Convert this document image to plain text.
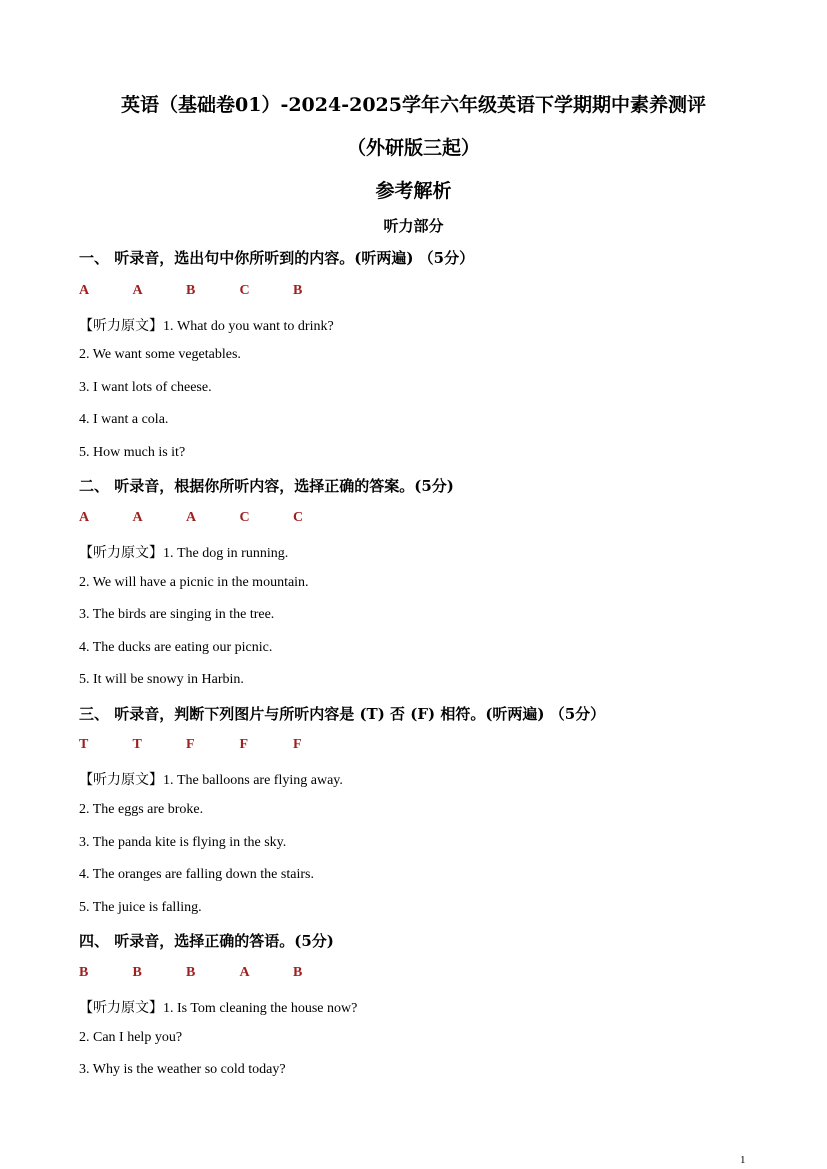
英语（基础卷01）-2024-2025学年六年级英语下学期期中素养测评
（外研版三起）
参考解析
听力部分
一、 听录音，选出句中你所听到的内容。(听两遍) （5分）
A	A	B	C	B
【听力原文】1. What do you want to drink?
2. We want some vegetables.
3. I want lots of cheese.
4. I want a cola.
5. How much is it?
二、 听录音，根据你所听内容，选择正确的答案。(5分)
A	A	A	C	C
【听力原文】1. The dog in running.
2. We will have a picnic in the mountain.
3. The birds are singing in the tree.
4. The ducks are eating our picnic.
5. It will be snowy in Harbin.
三、 听录音，判断下列图片与所听内容是 (T) 否 (F) 相符。(听两遍) （5分）
T	T	F	F	F
【听力原文】1. The balloons are flying away.
2. The eggs are broke.
3. The panda kite is flying in the sky.
4. The oranges are falling down the stairs.
5. The juice is falling.
四、 听录音，选择正确的答语。(5分)
B	B	B	A	B
【听力原文】1. Is Tom cleaning the house now?
2. Can I help you?
3. Why is the weather so cold today?
1
